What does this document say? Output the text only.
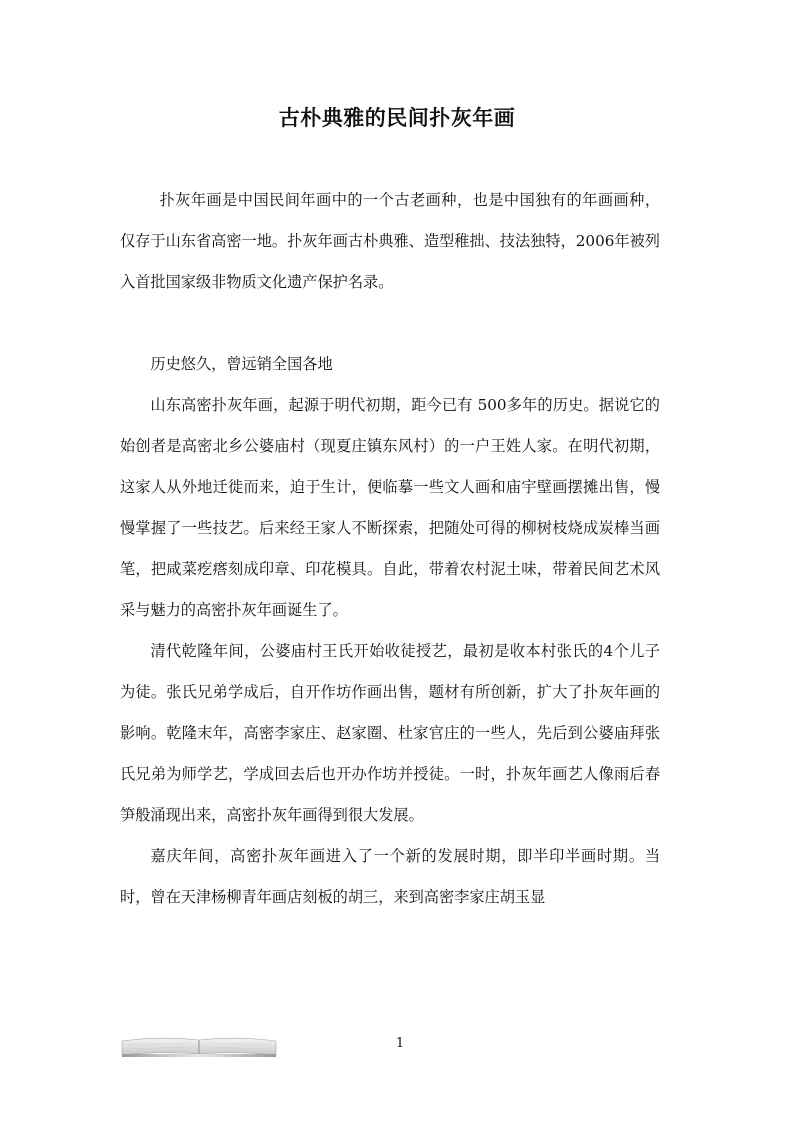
古朴典雅的民间扑灰年画

扑灰年画是中国民间年画中的一个古老画种，也是中国独有的年画画种，仅存于山东省高密一地。扑灰年画古朴典雅、造型稚拙、技法独特，2006年被列入首批国家级非物质文化遗产保护名录。

历史悠久，曾远销全国各地

山东高密扑灰年画，起源于明代初期，距今已有 500多年的历史。据说它的始创者是高密北乡公婆庙村（现夏庄镇东风村）的一户王姓人家。在明代初期，这家人从外地迁徙而来，迫于生计，便临摹一些文人画和庙宇壁画摆摊出售，慢慢掌握了一些技艺。后来经王家人不断探索，把随处可得的柳树枝烧成炭棒当画笔，把咸菜疙瘩刻成印章、印花模具。自此，带着农村泥土味，带着民间艺术风采与魅力的高密扑灰年画诞生了。

清代乾隆年间，公婆庙村王氏开始收徒授艺，最初是收本村张氏的4个儿子为徒。张氏兄弟学成后，自开作坊作画出售，题材有所创新，扩大了扑灰年画的影响。乾隆末年，高密李家庄、赵家圈、杜家官庄的一些人，先后到公婆庙拜张氏兄弟为师学艺，学成回去后也开办作坊并授徒。一时，扑灰年画艺人像雨后春笋般涌现出来，高密扑灰年画得到很大发展。

嘉庆年间，高密扑灰年画进入了一个新的发展时期，即半印半画时期。当时，曾在天津杨柳青年画店刻板的胡三，来到高密李家庄胡玉显

1
